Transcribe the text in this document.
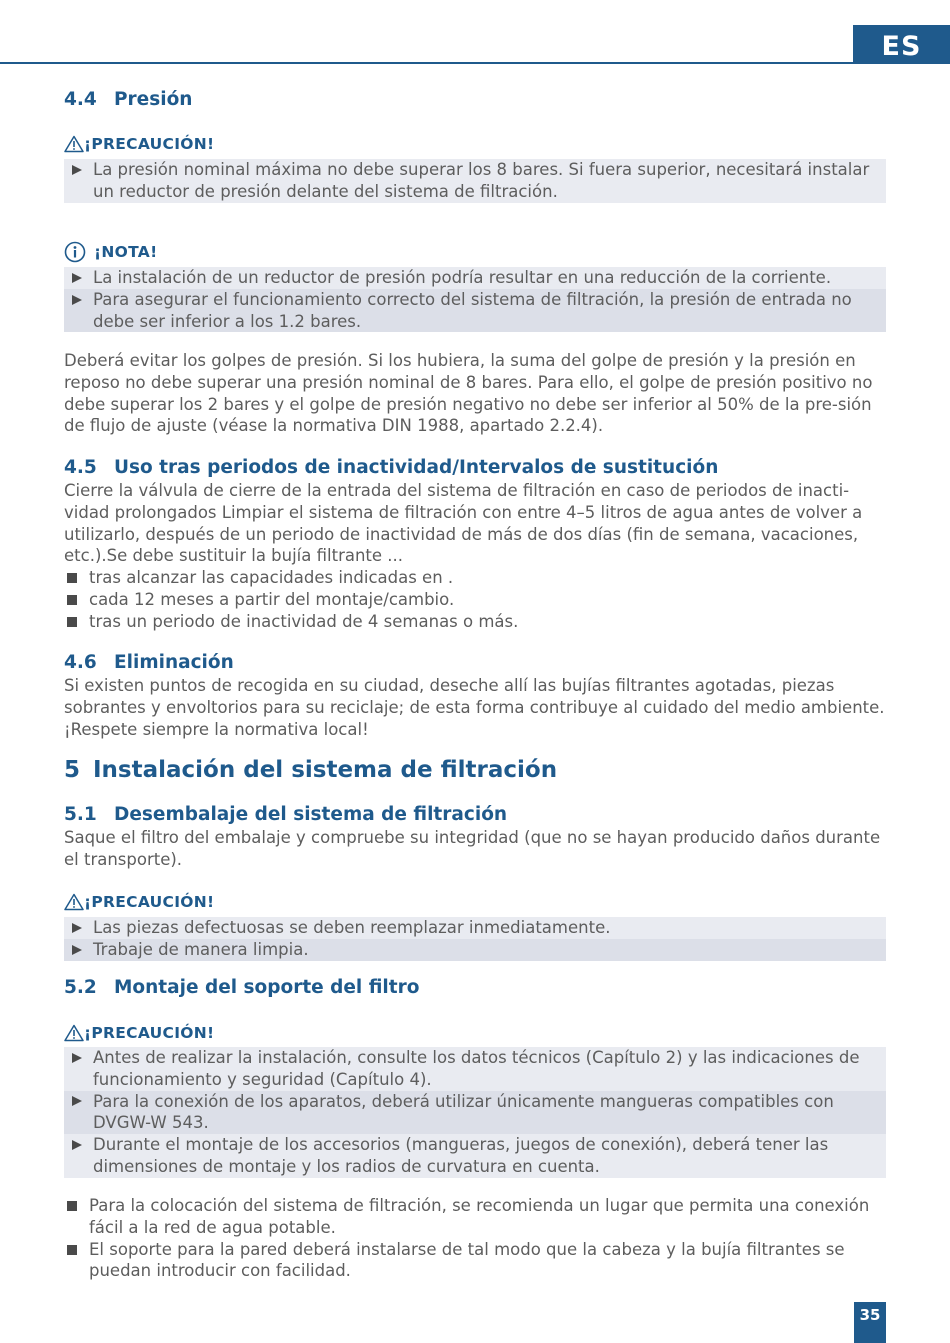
ES
4.4 Presión
¡PRECAUCIÓN!
La presión nominal máxima no debe superar los 8 bares. Si fuera superior, necesitará instalar un reductor de presión delante del sistema de filtración.
¡NOTA!
La instalación de un reductor de presión podría resultar en una reducción de la corriente.
Para asegurar el funcionamiento correcto del sistema de filtración, la presión de entrada no debe ser inferior a los 1.2 bares.

Deberá evitar los golpes de presión. Si los hubiera, la suma del golpe de presión y la presión en reposo no debe superar una presión nominal de 8 bares. Para ello, el golpe de presión positivo no debe superar los 2 bares y el golpe de presión negativo no debe ser inferior al 50% de la pre-sión de flujo de ajuste (véase la normativa DIN 1988, apartado 2.2.4).

4.5 Uso tras periodos de inactividad/Intervalos de sustitución

Cierre la válvula de cierre de la entrada del sistema de filtración en caso de periodos de inacti-vidad prolongados Limpiar el sistema de filtración con entre 4–5 litros de agua antes de volver a utilizarlo, después de un periodo de inactividad de más de dos días (fin de semana, vacaciones, etc.).Se debe sustituir la bujía filtrante ...

tras alcanzar las capacidades indicadas en .
cada 12 meses a partir del montaje/cambio.
tras un periodo de inactividad de 4 semanas o más.
4.6 Eliminación

Si existen puntos de recogida en su ciudad, deseche allí las bujías filtrantes agotadas, piezas sobrantes y envoltorios para su reciclaje; de esta forma contribuye al cuidado del medio ambiente. ¡Respete siempre la normativa local!

5 Instalación del sistema de filtración
5.1 Desembalaje del sistema de filtración

Saque el filtro del embalaje y compruebe su integridad (que no se hayan producido daños durante el transporte).

¡PRECAUCIÓN!
Las piezas defectuosas se deben reemplazar inmediatamente.
Trabaje de manera limpia.
5.2 Montaje del soporte del filtro
¡PRECAUCIÓN!
Antes de realizar la instalación, consulte los datos técnicos (Capítulo 2) y las indicaciones de funcionamiento y seguridad (Capítulo 4).
Para la conexión de los aparatos, deberá utilizar únicamente mangueras compatibles con DVGW-W 543.
Durante el montaje de los accesorios (mangueras, juegos de conexión), deberá tener las dimensiones de montaje y los radios de curvatura en cuenta.
Para la colocación del sistema de filtración, se recomienda un lugar que permita una conexión fácil a la red de agua potable.
El soporte para la pared deberá instalarse de tal modo que la cabeza y la bujía filtrantes se puedan introducir con facilidad.
35
